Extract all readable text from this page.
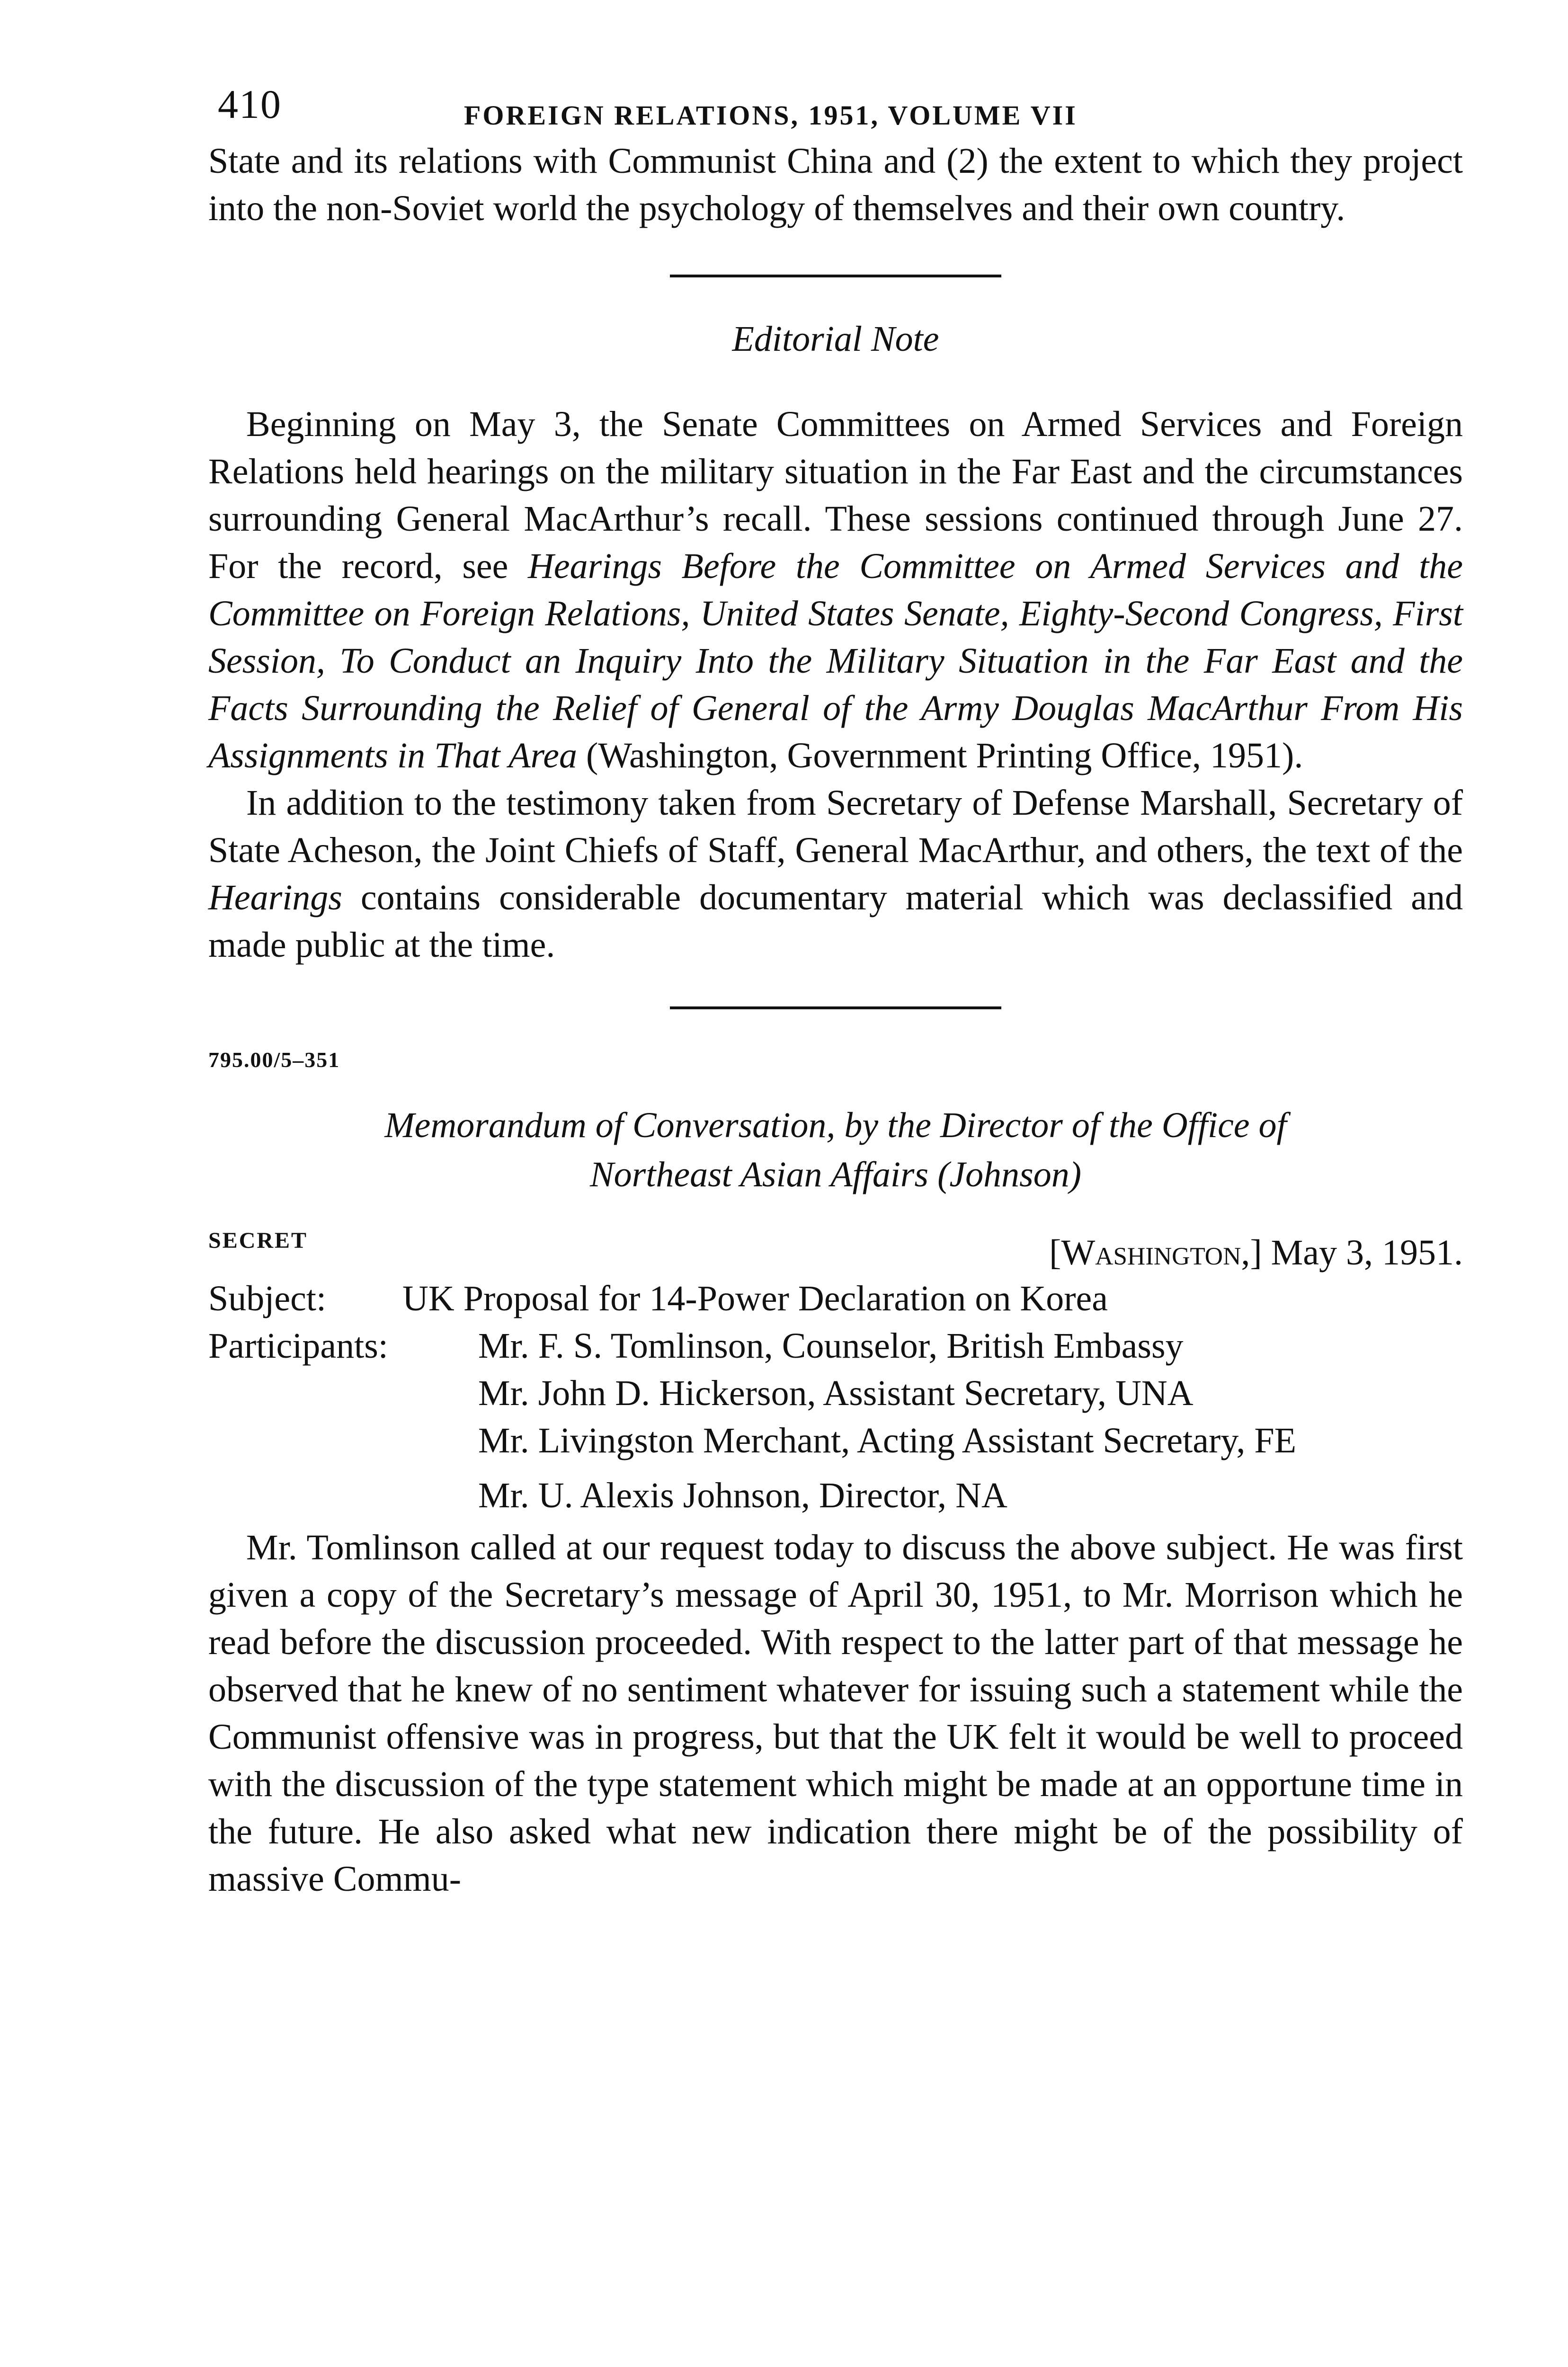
410	FOREIGN RELATIONS, 1951, VOLUME VII

State and its relations with Communist China and (2) the extent to which they project into the non-Soviet world the psychology of themselves and their own country.

Editorial Note

Beginning on May 3, the Senate Committees on Armed Services and Foreign Relations held hearings on the military situation in the Far East and the circumstances surrounding General MacArthur’s recall. These sessions continued through June 27. For the record, see Hearings Before the Committee on Armed Services and the Committee on Foreign Relations, United States Senate, Eighty-Second Congress, First Session, To Conduct an Inquiry Into the Military Situation in the Far East and the Facts Surrounding the Relief of General of the Army Douglas MacArthur From His Assignments in That Area (Washington, Government Printing Office, 1951).

In addition to the testimony taken from Secretary of Defense Marshall, Secretary of State Acheson, the Joint Chiefs of Staff, General MacArthur, and others, the text of the Hearings contains considerable documentary material which was declassified and made public at the time.

795.00/5–351
Memorandum of Conversation, by the Director of the Office of
Northeast Asian Affairs (Johnson)
SECRET	[Washington,] May 3, 1951.
Subject: UK Proposal for 14-Power Declaration on Korea
Participants:	Mr. F. S. Tomlinson, Counselor, British Embassy
Mr. John D. Hickerson, Assistant Secretary, UNA
Mr. Livingston Merchant, Acting Assistant Secretary, FE
Mr. U. Alexis Johnson, Director, NA

Mr. Tomlinson called at our request today to discuss the above subject. He was first given a copy of the Secretary’s message of April 30, 1951, to Mr. Morrison which he read before the discussion proceeded. With respect to the latter part of that message he observed that he knew of no sentiment whatever for issuing such a statement while the Communist offensive was in progress, but that the UK felt it would be well to proceed with the discussion of the type statement which might be made at an opportune time in the future. He also asked what new indication there might be of the possibility of massive Commu-
